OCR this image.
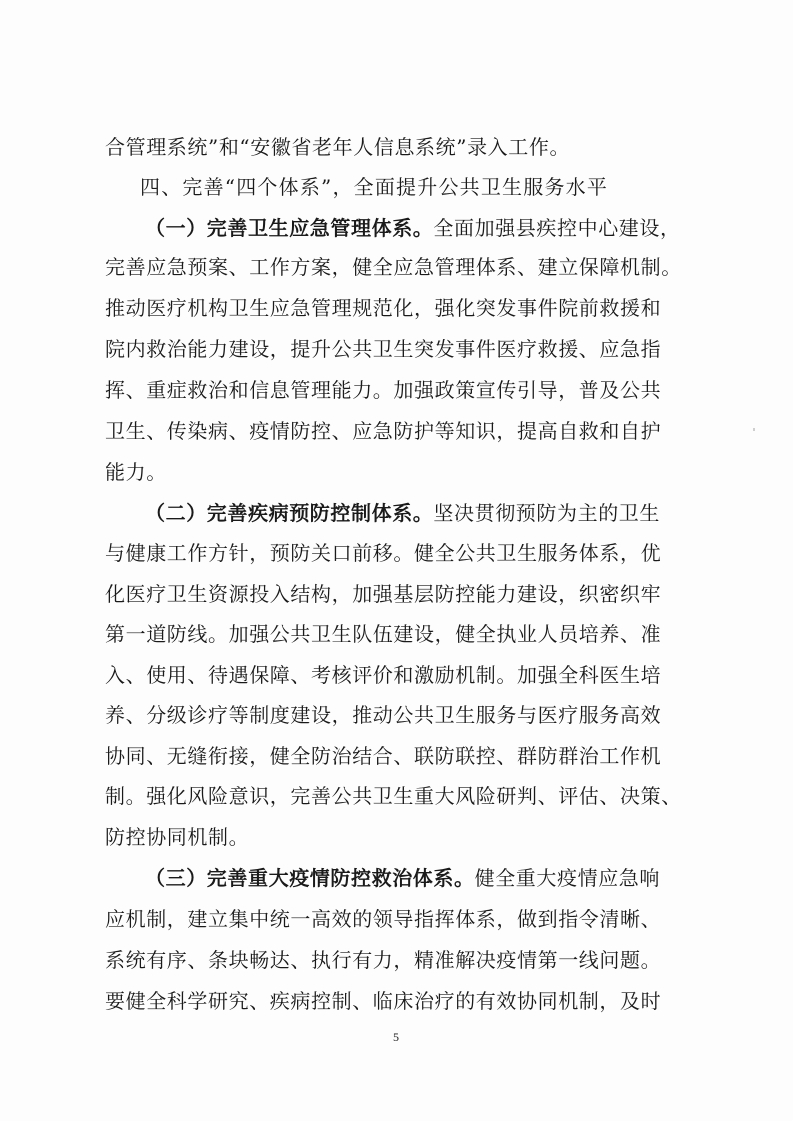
合管理系统”和“安徽省老年人信息系统”录入工作。
四、完善“四个体系”，全面提升公共卫生服务水平
（一）完善卫生应急管理体系。全面加强县疾控中心建设，
完善应急预案、工作方案，健全应急管理体系、建立保障机制。
推动医疗机构卫生应急管理规范化，强化突发事件院前救援和
院内救治能力建设，提升公共卫生突发事件医疗救援、应急指
挥、重症救治和信息管理能力。加强政策宣传引导，普及公共
卫生、传染病、疫情防控、应急防护等知识，提高自救和自护
能力。
（二）完善疾病预防控制体系。坚决贯彻预防为主的卫生
与健康工作方针，预防关口前移。健全公共卫生服务体系，优
化医疗卫生资源投入结构，加强基层防控能力建设，织密织牢
第一道防线。加强公共卫生队伍建设，健全执业人员培养、准
入、使用、待遇保障、考核评价和激励机制。加强全科医生培
养、分级诊疗等制度建设，推动公共卫生服务与医疗服务高效
协同、无缝衔接，健全防治结合、联防联控、群防群治工作机
制。强化风险意识，完善公共卫生重大风险研判、评估、决策、
防控协同机制。
（三）完善重大疫情防控救治体系。健全重大疫情应急响
应机制，建立集中统一高效的领导指挥体系，做到指令清晰、
系统有序、条块畅达、执行有力，精准解决疫情第一线问题。
要健全科学研究、疾病控制、临床治疗的有效协同机制，及时
5
